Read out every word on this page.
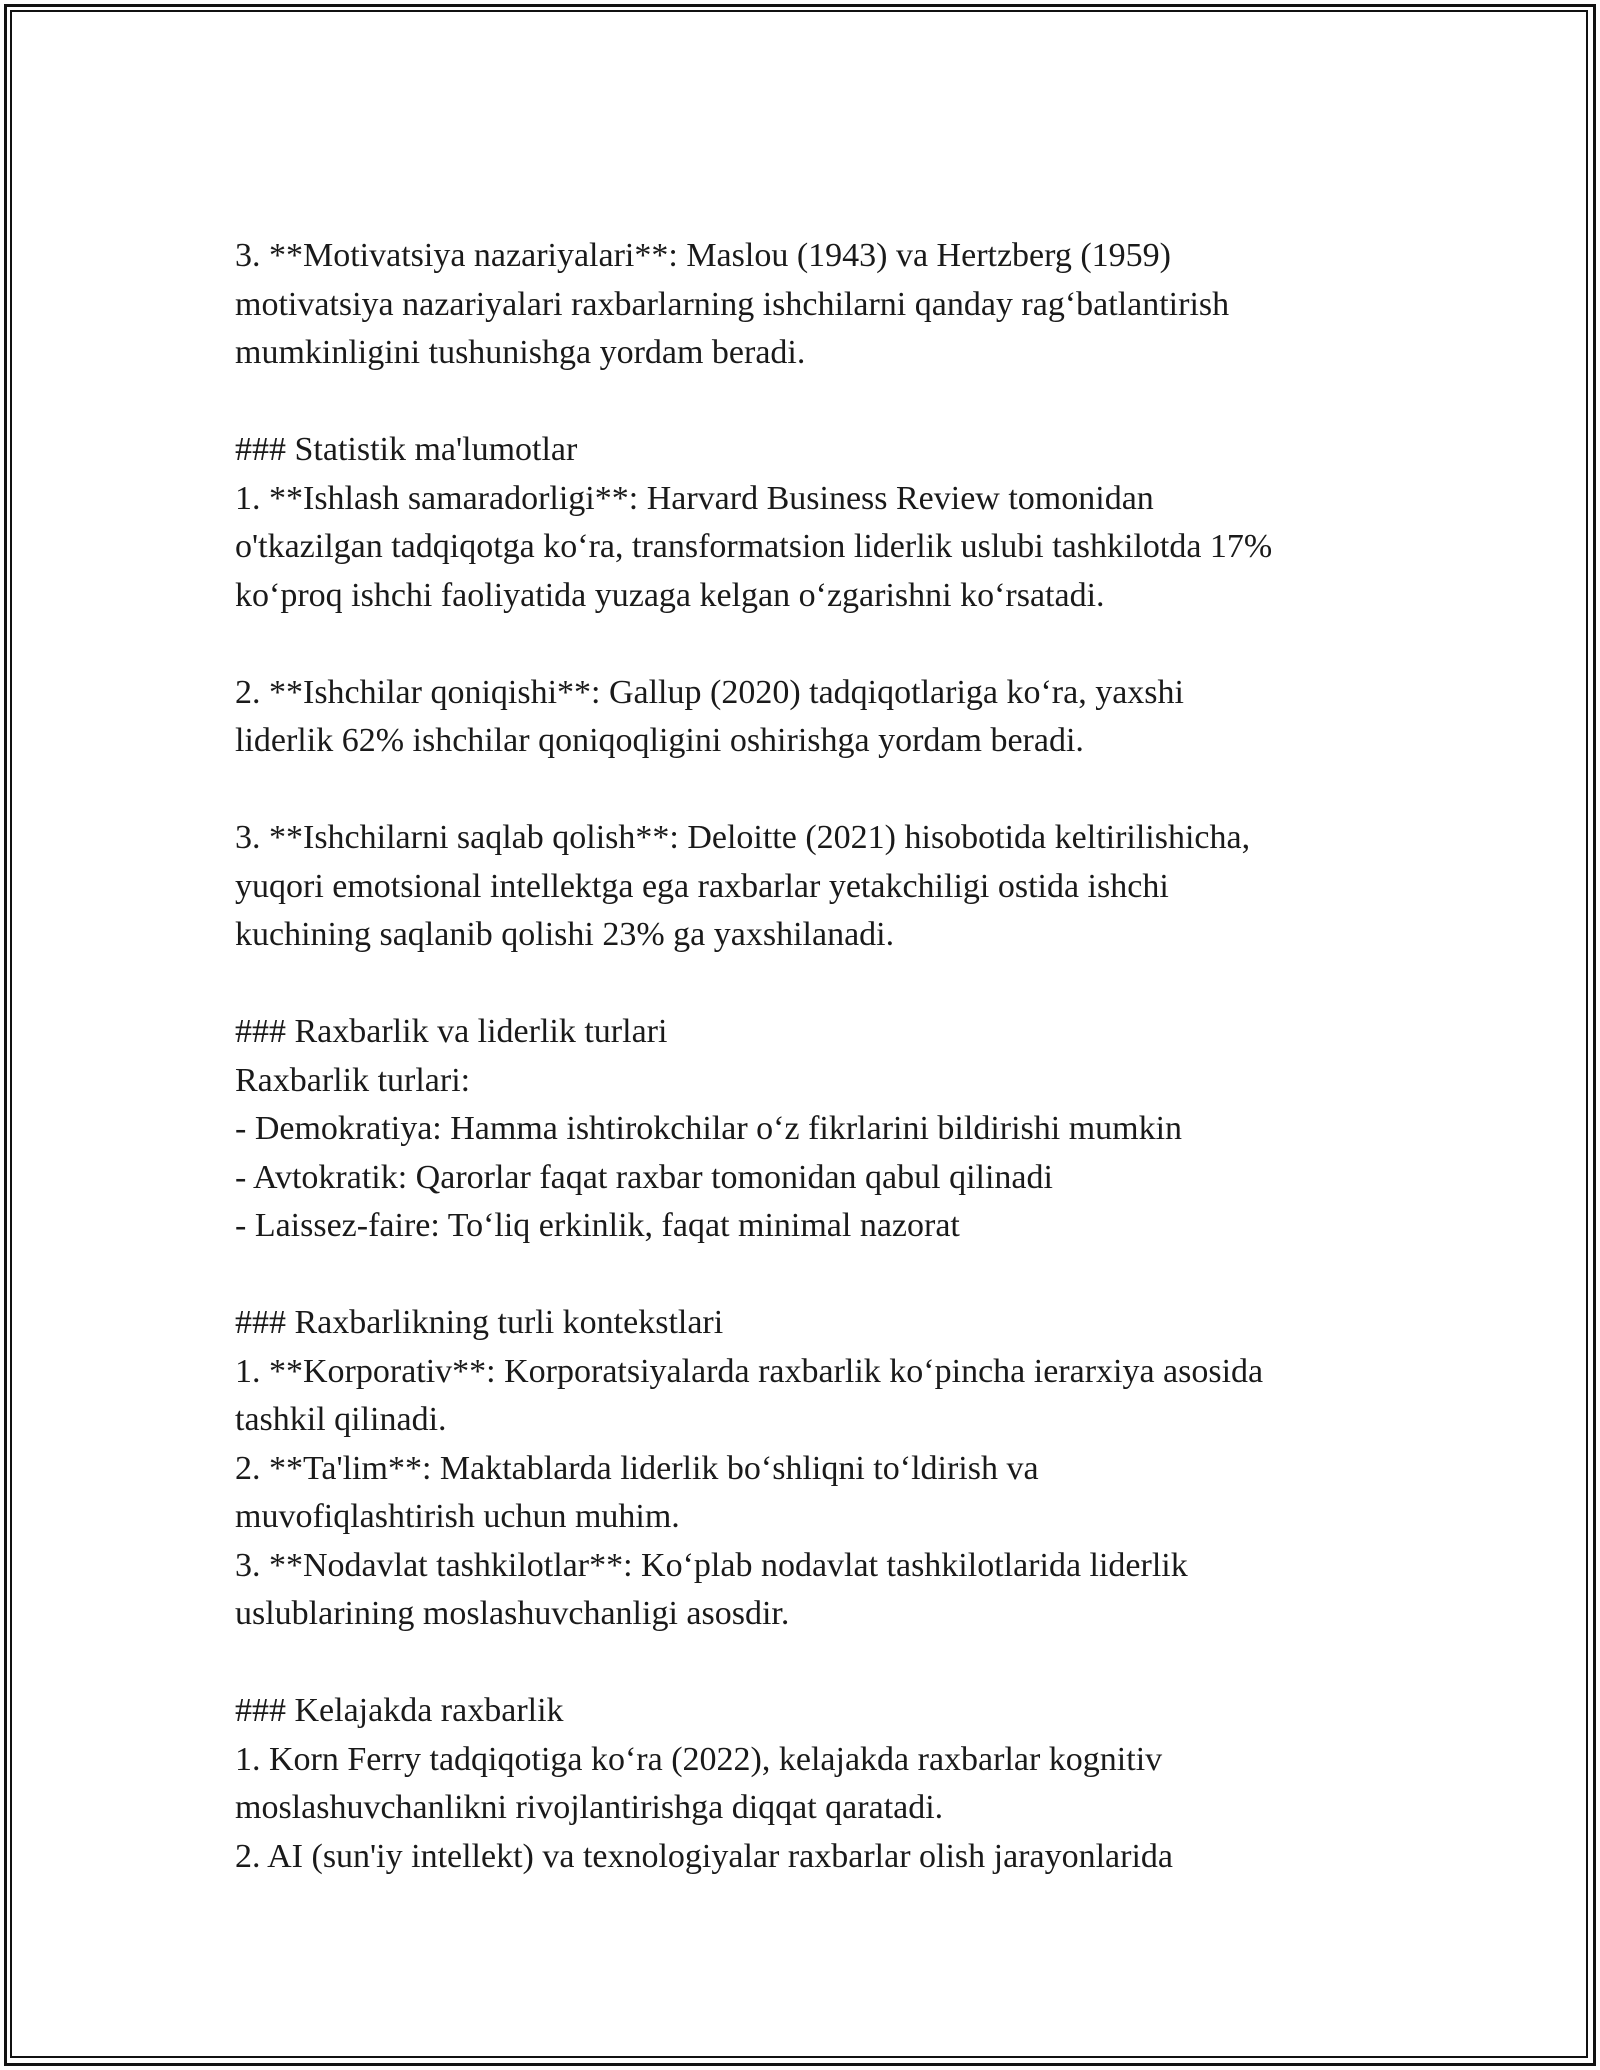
3. **Motivatsiya nazariyalari**: Maslou (1943) va Hertzberg (1959)
motivatsiya nazariyalari raxbarlarning ishchilarni qanday rag‘batlantirish
mumkinligini tushunishga yordam beradi.
### Statistik ma'lumotlar
1. **Ishlash samaradorligi**: Harvard Business Review tomonidan
o'tkazilgan tadqiqotga ko‘ra, transformatsion liderlik uslubi tashkilotda 17%
ko‘proq ishchi faoliyatida yuzaga kelgan o‘zgarishni ko‘rsatadi.
2. **Ishchilar qoniqishi**: Gallup (2020) tadqiqotlariga ko‘ra, yaxshi
liderlik 62% ishchilar qoniqoqligini oshirishga yordam beradi.
3. **Ishchilarni saqlab qolish**: Deloitte (2021) hisobotida keltirilishicha,
yuqori emotsional intellektga ega raxbarlar yetakchiligi ostida ishchi
kuchining saqlanib qolishi 23% ga yaxshilanadi.
### Raxbarlik va liderlik turlari
Raxbarlik turlari:
- Demokratiya: Hamma ishtirokchilar o‘z fikrlarini bildirishi mumkin
- Avtokratik: Qarorlar faqat raxbar tomonidan qabul qilinadi
- Laissez-faire: To‘liq erkinlik, faqat minimal nazorat
### Raxbarlikning turli kontekstlari
1. **Korporativ**: Korporatsiyalarda raxbarlik ko‘pincha ierarxiya asosida
tashkil qilinadi.
2. **Ta'lim**: Maktablarda liderlik bo‘shliqni to‘ldirish va
muvofiqlashtirish uchun muhim.
3. **Nodavlat tashkilotlar**: Ko‘plab nodavlat tashkilotlarida liderlik
uslublarining moslashuvchanligi asosdir.
### Kelajakda raxbarlik
1. Korn Ferry tadqiqotiga ko‘ra (2022), kelajakda raxbarlar kognitiv
moslashuvchanlikni rivojlantirishga diqqat qaratadi.
2. AI (sun'iy intellekt) va texnologiyalar raxbarlar olish jarayonlarida
